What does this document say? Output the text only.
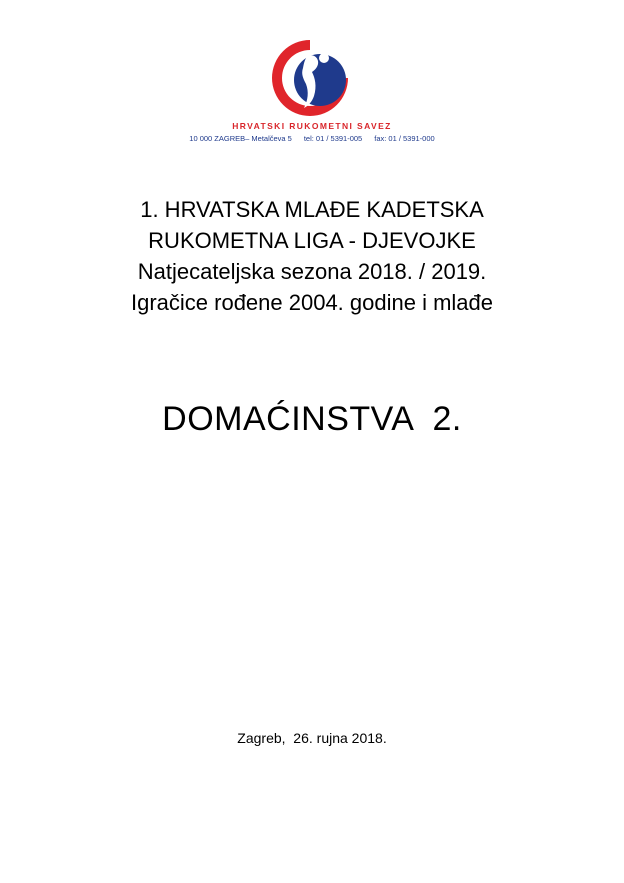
HRVATSKI RUKOMETNI SAVEZ
10 000 ZAGREB– Metalčeva 5 tel: 01 / 5391-005 fax: 01 / 5391-000
1. HRVATSKA MLAĐE KADETSKA
RUKOMETNA LIGA - DJEVOJKE
Natjecateljska sezona 2018. / 2019.
Igračice rođene 2004. godine i mlađe
DOMAĆINSTVA  2.
Zagreb,  26. rujna 2018.
